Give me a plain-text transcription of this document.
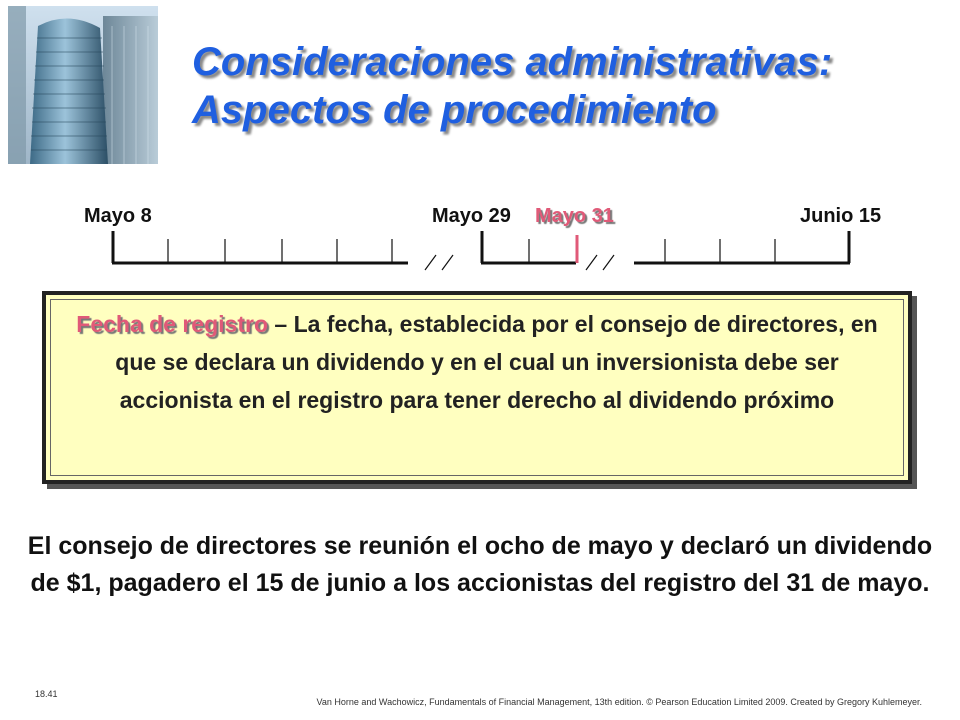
Consideraciones administrativas:
Aspectos de procedimiento
Mayo 8	Mayo 29 Mayo 31	Junio 15
Fecha de registro – La fecha, establecida por el consejo de directores, en que se declara un dividendo y en el cual un inversionista debe ser accionista en el registro para tener derecho al dividendo próximo
El consejo de directores se reunión el ocho de mayo y declaró un dividendo de $1, pagadero el 15 de junio a los accionistas del registro del 31 de mayo.
18.41
Van Horne and Wachowicz, Fundamentals of Financial Management, 13th edition. © Pearson Education Limited 2009. Created by Gregory Kuhlemeyer.
